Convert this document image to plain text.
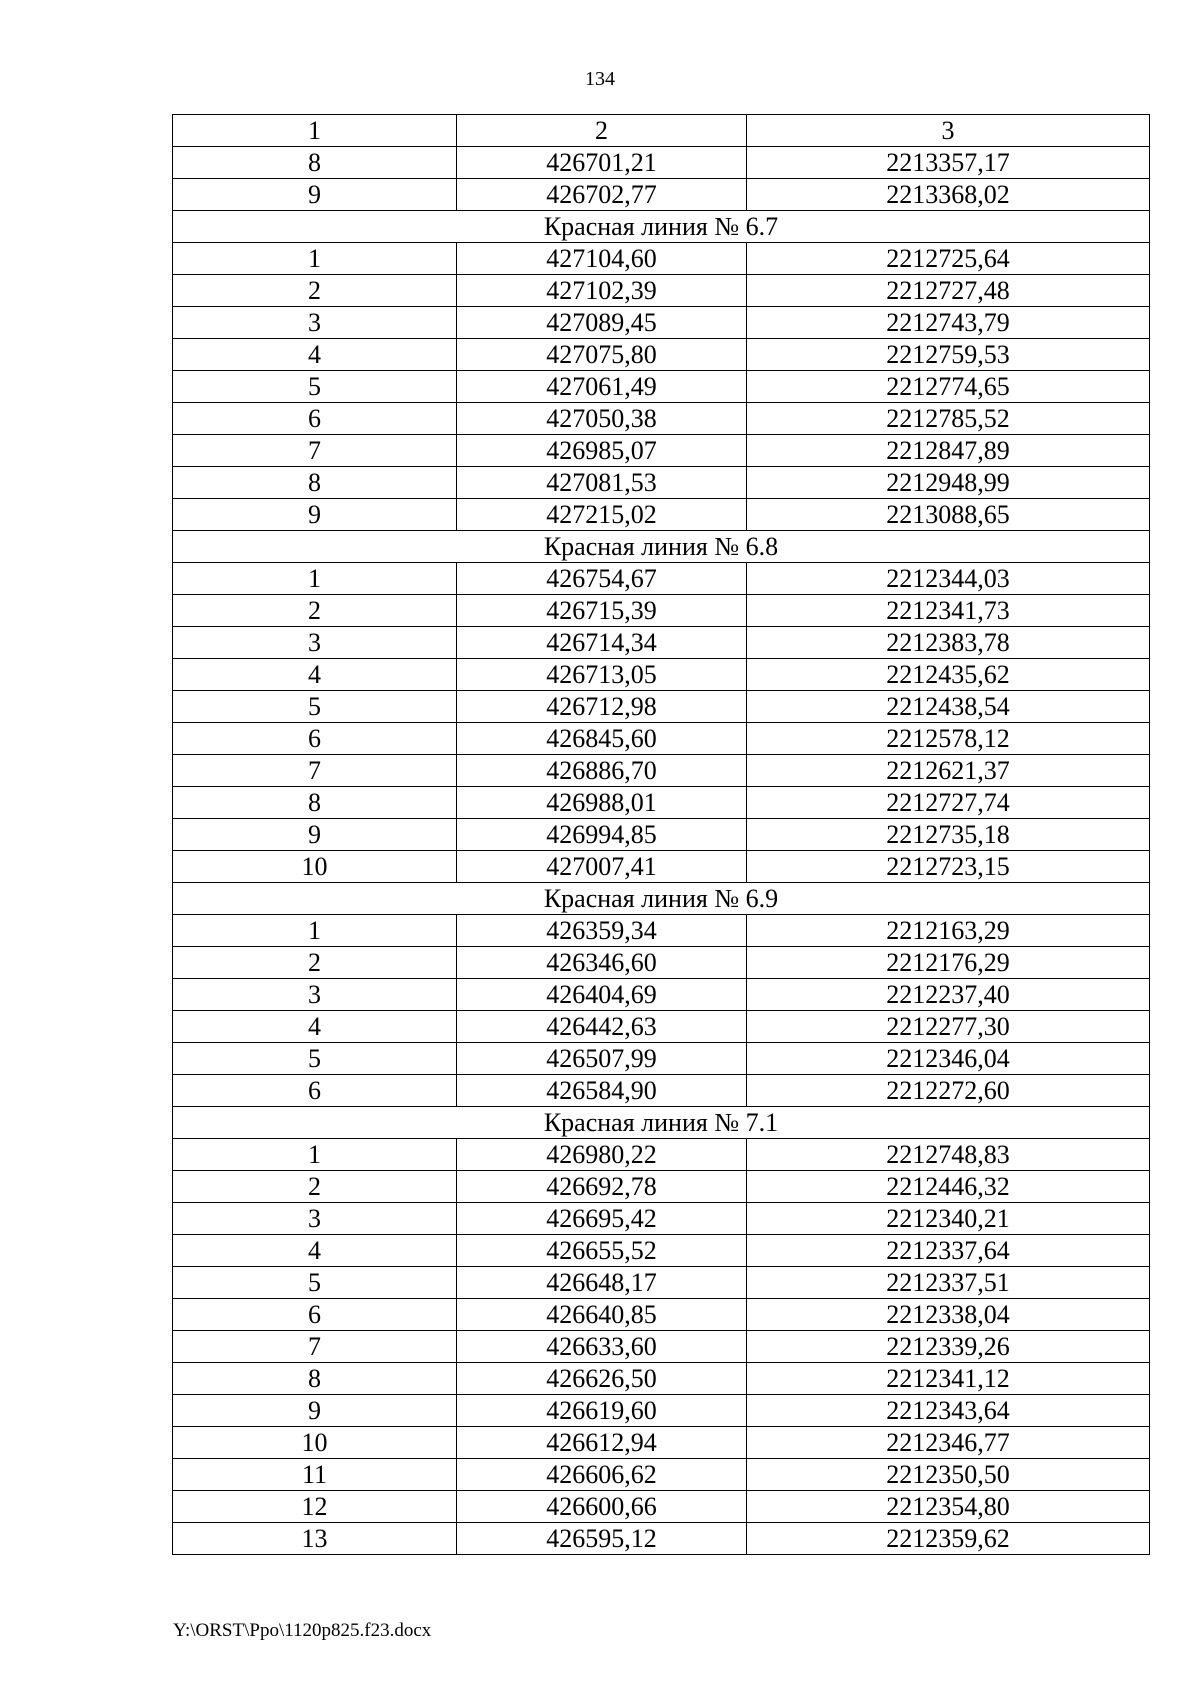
134
1	2	3
8	426701,21	2213357,17
9	426702,77	2213368,02
Красная линия № 6.7		
1	427104,60	2212725,64
2	427102,39	2212727,48
3	427089,45	2212743,79
4	427075,80	2212759,53
5	427061,49	2212774,65
6	427050,38	2212785,52
7	426985,07	2212847,89
8	427081,53	2212948,99
9	427215,02	2213088,65
Красная линия № 6.8		
1	426754,67	2212344,03
2	426715,39	2212341,73
3	426714,34	2212383,78
4	426713,05	2212435,62
5	426712,98	2212438,54
6	426845,60	2212578,12
7	426886,70	2212621,37
8	426988,01	2212727,74
9	426994,85	2212735,18
10	427007,41	2212723,15
Красная линия № 6.9		
1	426359,34	2212163,29
2	426346,60	2212176,29
3	426404,69	2212237,40
4	426442,63	2212277,30
5	426507,99	2212346,04
6	426584,90	2212272,60
Красная линия № 7.1		
1	426980,22	2212748,83
2	426692,78	2212446,32
3	426695,42	2212340,21
4	426655,52	2212337,64
5	426648,17	2212337,51
6	426640,85	2212338,04
7	426633,60	2212339,26
8	426626,50	2212341,12
9	426619,60	2212343,64
10	426612,94	2212346,77
11	426606,62	2212350,50
12	426600,66	2212354,80
13	426595,12	2212359,62
Y:\ORST\Ppo\1120p825.f23.docx
